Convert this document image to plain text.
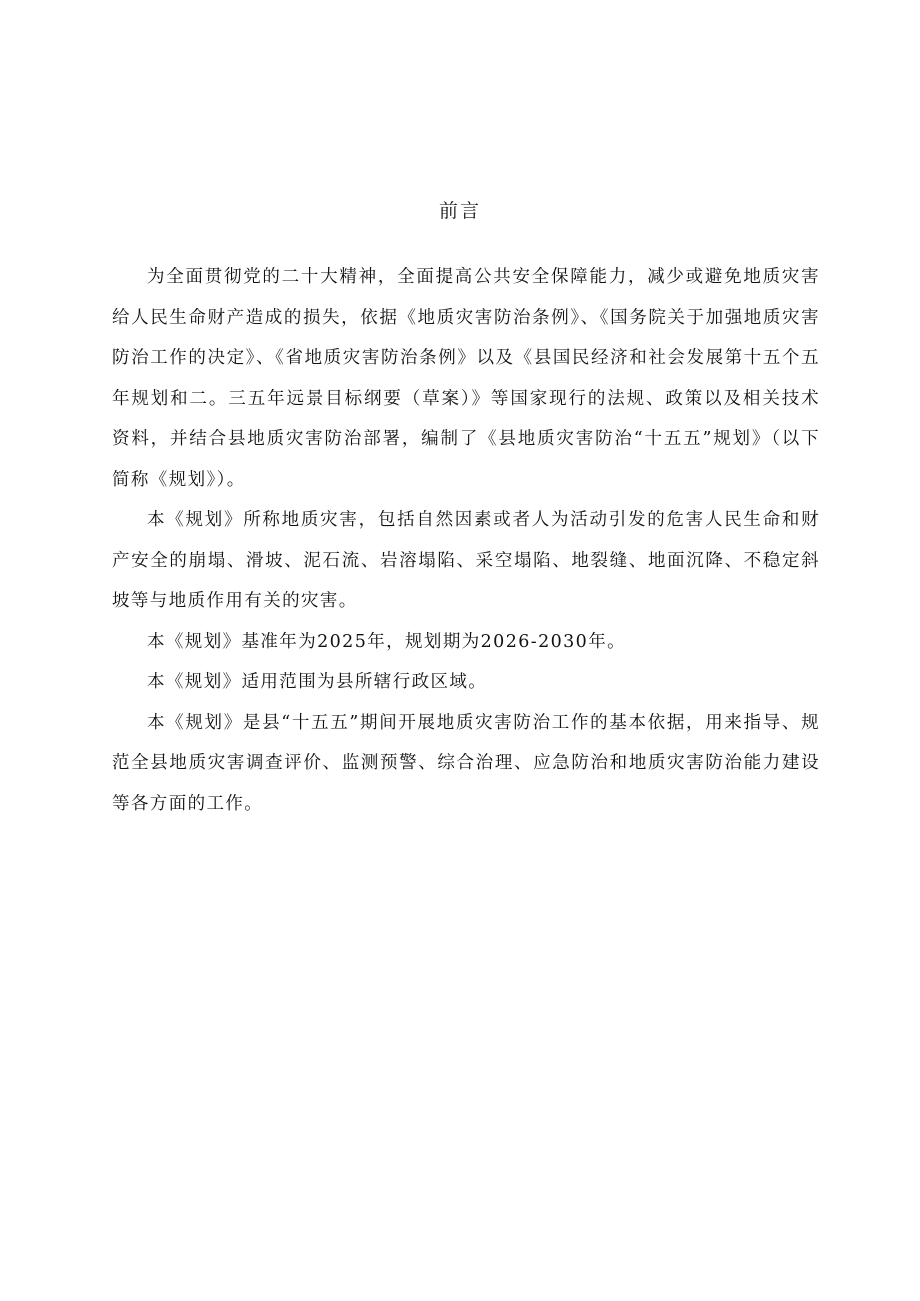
前言

为全面贯彻党的二十大精神，全面提高公共安全保障能力，减少或避免地质灾害给人民生命财产造成的损失，依据《地质灾害防治条例》、《国务院关于加强地质灾害防治工作的决定》、《省地质灾害防治条例》以及《县国民经济和社会发展第十五个五年规划和二。三五年远景目标纲要（草案）》等国家现行的法规、政策以及相关技术资料，并结合县地质灾害防治部署，编制了《县地质灾害防治“十五五”规划》（以下简称《规划》）。

本《规划》所称地质灾害，包括自然因素或者人为活动引发的危害人民生命和财产安全的崩塌、滑坡、泥石流、岩溶塌陷、采空塌陷、地裂缝、地面沉降、不稳定斜坡等与地质作用有关的灾害。

本《规划》基准年为2025年，规划期为2026-2030年。

本《规划》适用范围为县所辖行政区域。

本《规划》是县“十五五”期间开展地质灾害防治工作的基本依据，用来指导、规范全县地质灾害调查评价、监测预警、综合治理、应急防治和地质灾害防治能力建设等各方面的工作。
